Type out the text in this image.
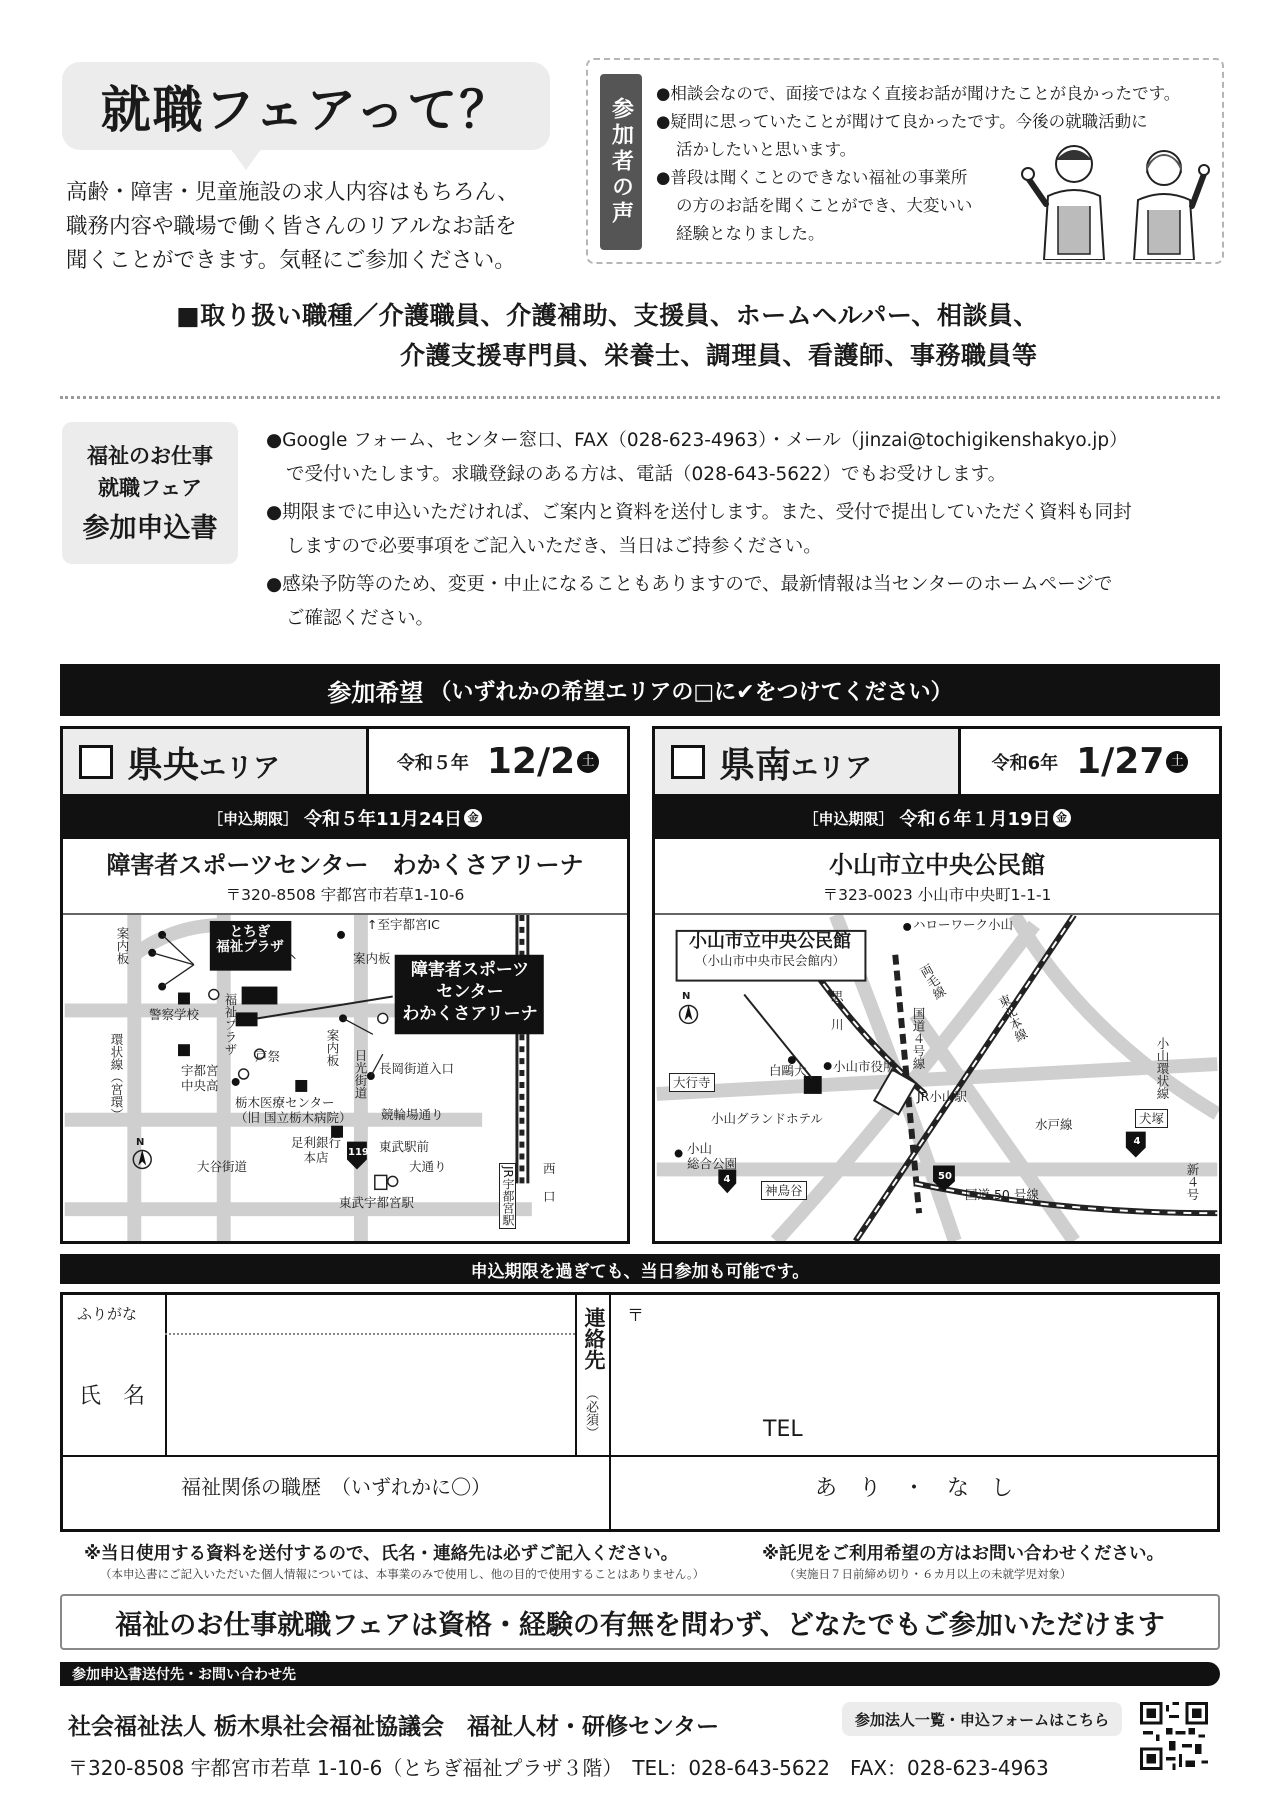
就職フェアって？
高齢・障害・児童施設の求人内容はもちろん、
職務内容や職場で働く皆さんのリアルなお話を
聞くことができます。気軽にご参加ください。
参加者の声
●相談会なので、面接ではなく直接お話が聞けたことが良かったです。
●疑問に思っていたことが聞けて良かったです。今後の就職活動に
活かしたいと思います。
●普段は聞くことのできない福祉の事業所
の方のお話を聞くことができ、大変いい
経験となりました。
■取り扱い職種／介護職員、介護補助、支援員、ホームヘルパー、相談員、
介護支援専門員、栄養士、調理員、看護師、事務職員等
福祉のお仕事
就職フェア
参加申込書
●Google フォーム、センター窓口、FAX（028-623-4963）・メール（jinzai@tochigikenshakyo.jp）
で受付いたします。求職登録のある方は、電話（028-643-5622）でもお受けします。
●期限までに申込いただければ、ご案内と資料を送付します。また、受付で提出していただく資料も同封
しますので必要事項をご記入いただき、当日はご持参ください。
●感染予防等のため、変更・中止になることもありますので、最新情報は当センターのホームページで
ご確認ください。
参加希望 （いずれかの希望エリアの□に✔をつけてください）
県央エリア	令和５年 12/2 土
［申込期限］ 令和５年11月24日 金
障害者スポーツセンター　わかくさアリーナ
〒320-8508 宇都宮市若草1-10-6
とちぎ
福祉プラザ
障害者スポーツ
センター
わかくさアリーナ
↑至宇都宮IC
案内板
案内板
警察学校 福祉プラザ
戸祭
環状線（宮環）	宇都宮
中央高
案内板
日光街道 長岡街道入口
栃木医療センター
（旧 国立栃木病院） 競輪場通り
足利銀行
本店	119 東武駅前
大通り
大谷街道
東武宇都宮駅	JR宇都宮駅 西
口
N
県南エリア	令和6年 1/27 土
［申込期限］ 令和６年１月19日 金
小山市立中央公民館
〒323-0023 小山市中央町1-1-1
小山市立中央公民館
（小山市中央市民会館内）
ハローワーク小山
思
川
両毛線
東北本線
国道４号線	小山環状線
白鷗大 小山市役所
JR小山駅
水戸線
大行寺
小山グランドホテル
小山
総合公園
神鳥谷
犬塚
50
国道 50 号線
4
4
新４号
N
申込期限を過ぎても、当日参加も可能です。
ふりがな
氏　名
連絡先
（必須）
〒
TEL
福祉関係の職歴　（いずれかに〇）	あ　り　・　な　し
※当日使用する資料を送付するので、氏名・連絡先は必ずご記入ください。
（本申込書にご記入いただいた個人情報については、本事業のみで使用し、他の目的で使用することはありません。）
※託児をご利用希望の方はお問い合わせください。
（実施日７日前締め切り・６カ月以上の未就学児対象）
福祉のお仕事就職フェアは資格・経験の有無を問わず、どなたでもご参加いただけます
参加申込書送付先・お問い合わせ先
社会福祉法人 栃木県社会福祉協議会　福祉人材・研修センター
〒320-8508 宇都宮市若草 1-10-6（とちぎ福祉プラザ３階）　TEL：028-643-5622　FAX：028-623-4963
参加法人一覧・申込フォームはこちら
